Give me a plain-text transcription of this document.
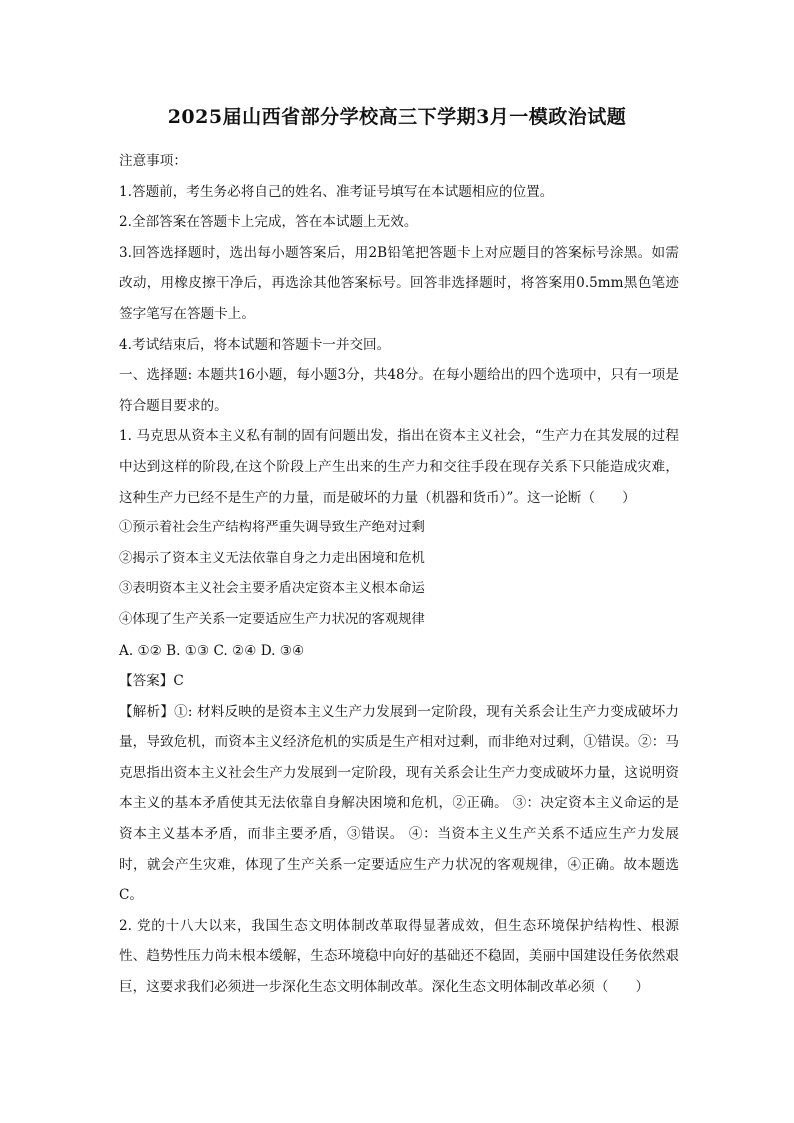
2025届山西省部分学校高三下学期3月一模政治试题

注意事项：

1.答题前，考生务必将自己的姓名、准考证号填写在本试题相应的位置。

2.全部答案在答题卡上完成，答在本试题上无效。

3.回答选择题时，选出每小题答案后，用2B铅笔把答题卡上对应题目的答案标号涂黑。如需改动，用橡皮擦干净后，再选涂其他答案标号。回答非选择题时，将答案用0.5mm黑色笔迹签字笔写在答题卡上。

4.考试结束后，将本试题和答题卡一并交回。

一、选择题: 本题共16小题，每小题3分，共48分。在每小题给出的四个选项中，只有一项是符合题目要求的。

1. 马克思从资本主义私有制的固有问题出发，指出在资本主义社会，“生产力在其发展的过程中达到这样的阶段,在这个阶段上产生出来的生产力和交往手段在现存关系下只能造成灾难，这种生产力已经不是生产的力量，而是破坏的力量（机器和货币）”。这一论断（　　）

①预示着社会生产结构将严重失调导致生产绝对过剩

②揭示了资本主义无法依靠自身之力走出困境和危机

③表明资本主义社会主要矛盾决定资本主义根本命运

④体现了生产关系一定要适应生产力状况的客观规律

A. ①② B. ①③ C. ②④ D. ③④

【答案】C

【解析】①: 材料反映的是资本主义生产力发展到一定阶段，现有关系会让生产力变成破坏力量，导致危机，而资本主义经济危机的实质是生产相对过剩，而非绝对过剩，①错误。②：马克思指出资本主义社会生产力发展到一定阶段，现有关系会让生产力变成破坏力量，这说明资本主义的基本矛盾使其无法依靠自身解决困境和危机，②正确。 ③：决定资本主义命运的是资本主义基本矛盾，而非主要矛盾，③错误。 ④：当资本主义生产关系不适应生产力发展时，就会产生灾难，体现了生产关系一定要适应生产力状况的客观规律，④正确。故本题选C。

2. 党的十八大以来，我国生态文明体制改革取得显著成效，但生态环境保护结构性、根源性、趋势性压力尚未根本缓解，生态环境稳中向好的基础还不稳固，美丽中国建设任务依然艰巨，这要求我们必须进一步深化生态文明体制改革。深化生态文明体制改革必须（　　）
